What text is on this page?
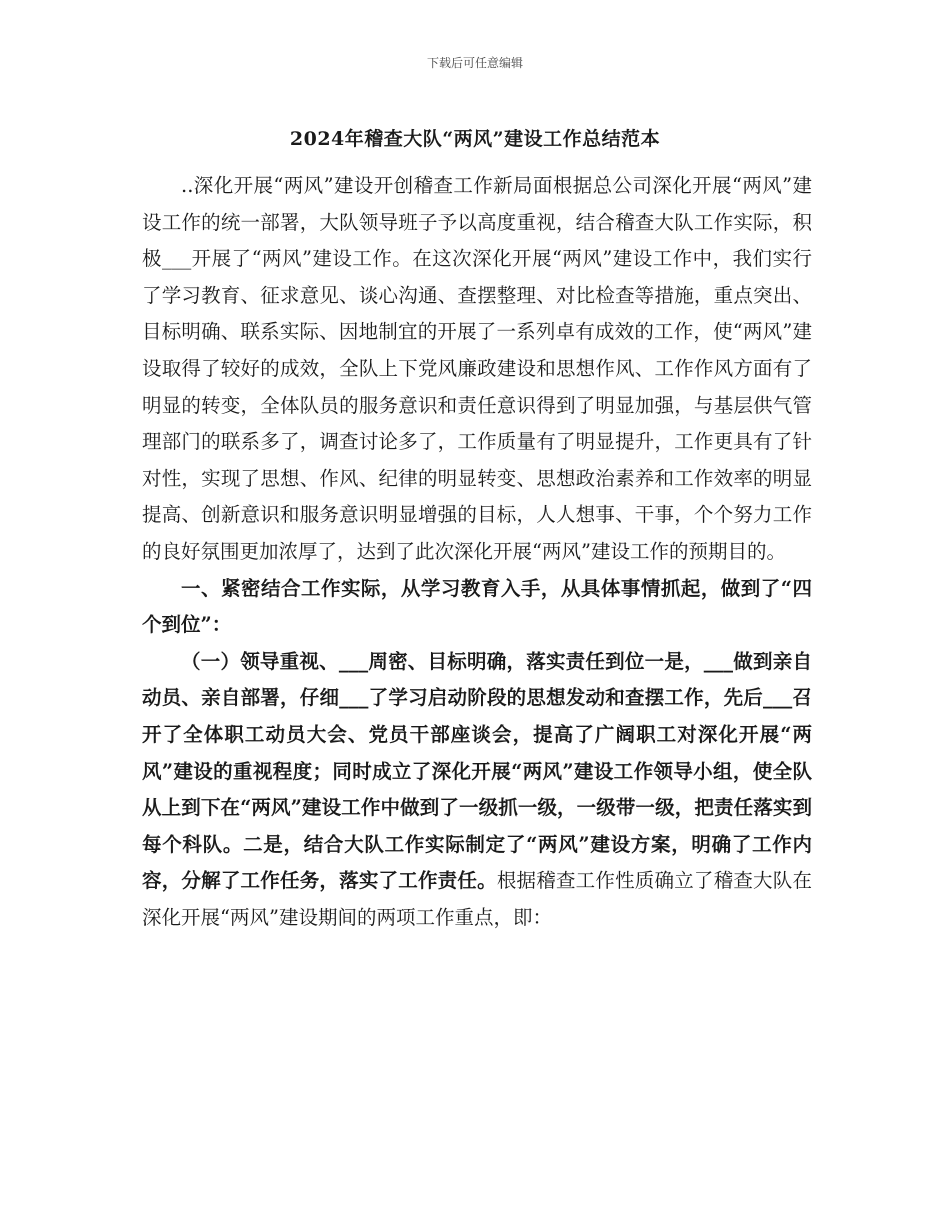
下载后可任意编辑
2024年稽查大队“两风”建设工作总结范本

..深化开展“两风”建设开创稽查工作新局面根据总公司深化开展“两风”建设工作的统一部署，大队领导班子予以高度重视，结合稽查大队工作实际，积极___开展了“两风”建设工作。在这次深化开展“两风”建设工作中，我们实行了学习教育、征求意见、谈心沟通、查摆整理、对比检查等措施，重点突出、目标明确、联系实际、因地制宜的开展了一系列卓有成效的工作，使“两风”建设取得了较好的成效，全队上下党风廉政建设和思想作风、工作作风方面有了明显的转变，全体队员的服务意识和责任意识得到了明显加强，与基层供气管理部门的联系多了，调查讨论多了，工作质量有了明显提升，工作更具有了针对性，实现了思想、作风、纪律的明显转变、思想政治素养和工作效率的明显提高、创新意识和服务意识明显增强的目标，人人想事、干事，个个努力工作的良好氛围更加浓厚了，达到了此次深化开展“两风”建设工作的预期目的。

一、紧密结合工作实际，从学习教育入手，从具体事情抓起，做到了“四个到位”：

（一）领导重视、___周密、目标明确，落实责任到位一是，___做到亲自动员、亲自部署，仔细___了学习启动阶段的思想发动和查摆工作，先后___召开了全体职工动员大会、党员干部座谈会，提高了广阔职工对深化开展“两风”建设的重视程度；同时成立了深化开展“两风”建设工作领导小组，使全队从上到下在“两风”建设工作中做到了一级抓一级，一级带一级，把责任落实到每个科队。二是，结合大队工作实际制定了“两风”建设方案，明确了工作内容，分解了工作任务，落实了工作责任。根据稽查工作性质确立了稽查大队在深化开展“两风”建设期间的两项工作重点，即：
